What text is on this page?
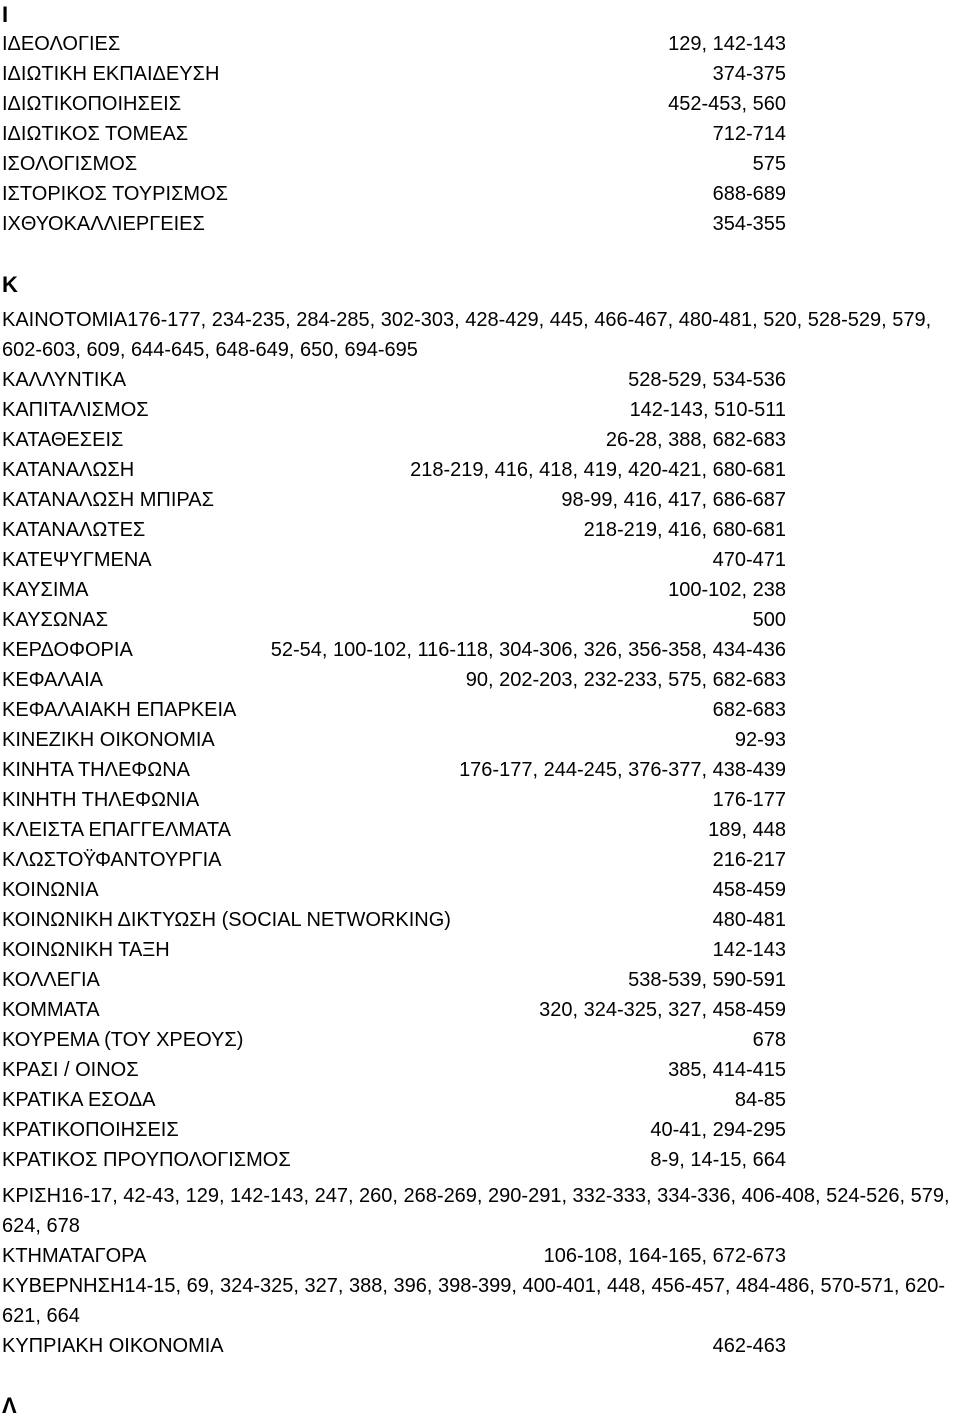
Ι
ΙΔΕΟΛΟΓΙΕΣ	129, 142-143
ΙΔΙΩΤΙΚΗ ΕΚΠΑΙΔΕΥΣΗ	374-375
ΙΔΙΩΤΙΚΟΠΟΙΗΣΕΙΣ	452-453, 560
ΙΔΙΩΤΙΚΟΣ ΤΟΜΕΑΣ	712-714
ΙΣΟΛΟΓΙΣΜΟΣ	575
ΙΣΤΟΡΙΚΟΣ ΤΟΥΡΙΣΜΟΣ	688-689
ΙΧΘΥΟΚΑΛΛΙΕΡΓΕΙΕΣ	354-355
Κ
ΚΑΙΝΟΤΟΜΙΑ176-177, 234-235, 284-285, 302-303, 428-429, 445, 466-467, 480-481, 520, 528-529, 579, 602-603, 609, 644-645, 648-649, 650, 694-695
ΚΑΛΛΥΝΤΙΚΑ	528-529, 534-536
ΚΑΠΙΤΑΛΙΣΜΟΣ	142-143, 510-511
ΚΑΤΑΘΕΣΕΙΣ	26-28, 388, 682-683
ΚΑΤΑΝΑΛΩΣΗ	218-219, 416, 418, 419, 420-421, 680-681
ΚΑΤΑΝΑΛΩΣΗ ΜΠΙΡΑΣ	98-99, 416, 417, 686-687
ΚΑΤΑΝΑΛΩΤΕΣ	218-219, 416, 680-681
ΚΑΤΕΨΥΓΜΕΝΑ	470-471
ΚΑΥΣΙΜΑ	100-102, 238
ΚΑΥΣΩΝΑΣ	500
ΚΕΡΔΟΦΟΡΙΑ	52-54, 100-102, 116-118, 304-306, 326, 356-358, 434-436
ΚΕΦΑΛΑΙΑ	90, 202-203, 232-233, 575, 682-683
ΚΕΦΑΛΑΙΑΚΗ ΕΠΑΡΚΕΙΑ	682-683
ΚΙΝΕΖΙΚΗ ΟΙΚΟΝΟΜΙΑ	92-93
ΚΙΝΗΤΑ ΤΗΛΕΦΩΝΑ	176-177, 244-245, 376-377, 438-439
ΚΙΝΗΤΗ ΤΗΛΕΦΩΝΙΑ	176-177
ΚΛΕΙΣΤΑ ΕΠΑΓΓΕΛΜΑΤΑ	189, 448
ΚΛΩΣΤΟΫΦΑΝΤΟΥΡΓΙΑ	216-217
ΚΟΙΝΩΝΙΑ	458-459
ΚΟΙΝΩΝΙΚΗ ΔΙΚΤΥΩΣΗ (SOCIAL NETWORKING)	480-481
ΚΟΙΝΩΝΙΚΗ ΤΑΞΗ	142-143
ΚΟΛΛΕΓΙΑ	538-539, 590-591
ΚΟΜΜΑΤΑ	320, 324-325, 327, 458-459
ΚΟΥΡΕΜΑ (ΤΟΥ ΧΡΕΟΥΣ)	678
ΚΡΑΣΙ / ΟΙΝΟΣ	385, 414-415
ΚΡΑΤΙΚΑ ΕΣΟΔΑ	84-85
ΚΡΑΤΙΚΟΠΟΙΗΣΕΙΣ	40-41, 294-295
ΚΡΑΤΙΚΟΣ ΠΡΟΥΠΟΛΟΓΙΣΜΟΣ	8-9, 14-15, 664
ΚΡΙΣΗ16-17, 42-43, 129, 142-143, 247, 260, 268-269, 290-291, 332-333, 334-336, 406-408, 524-526, 579, 624, 678
ΚΤΗΜΑΤΑΓΟΡΑ	106-108, 164-165, 672-673
ΚΥΒΕΡΝΗΣΗ14-15, 69, 324-325, 327, 388, 396, 398-399, 400-401, 448, 456-457, 484-486, 570-571, 620-621, 664
ΚΥΠΡΙΑΚΗ ΟΙΚΟΝΟΜΙΑ	462-463
Λ
